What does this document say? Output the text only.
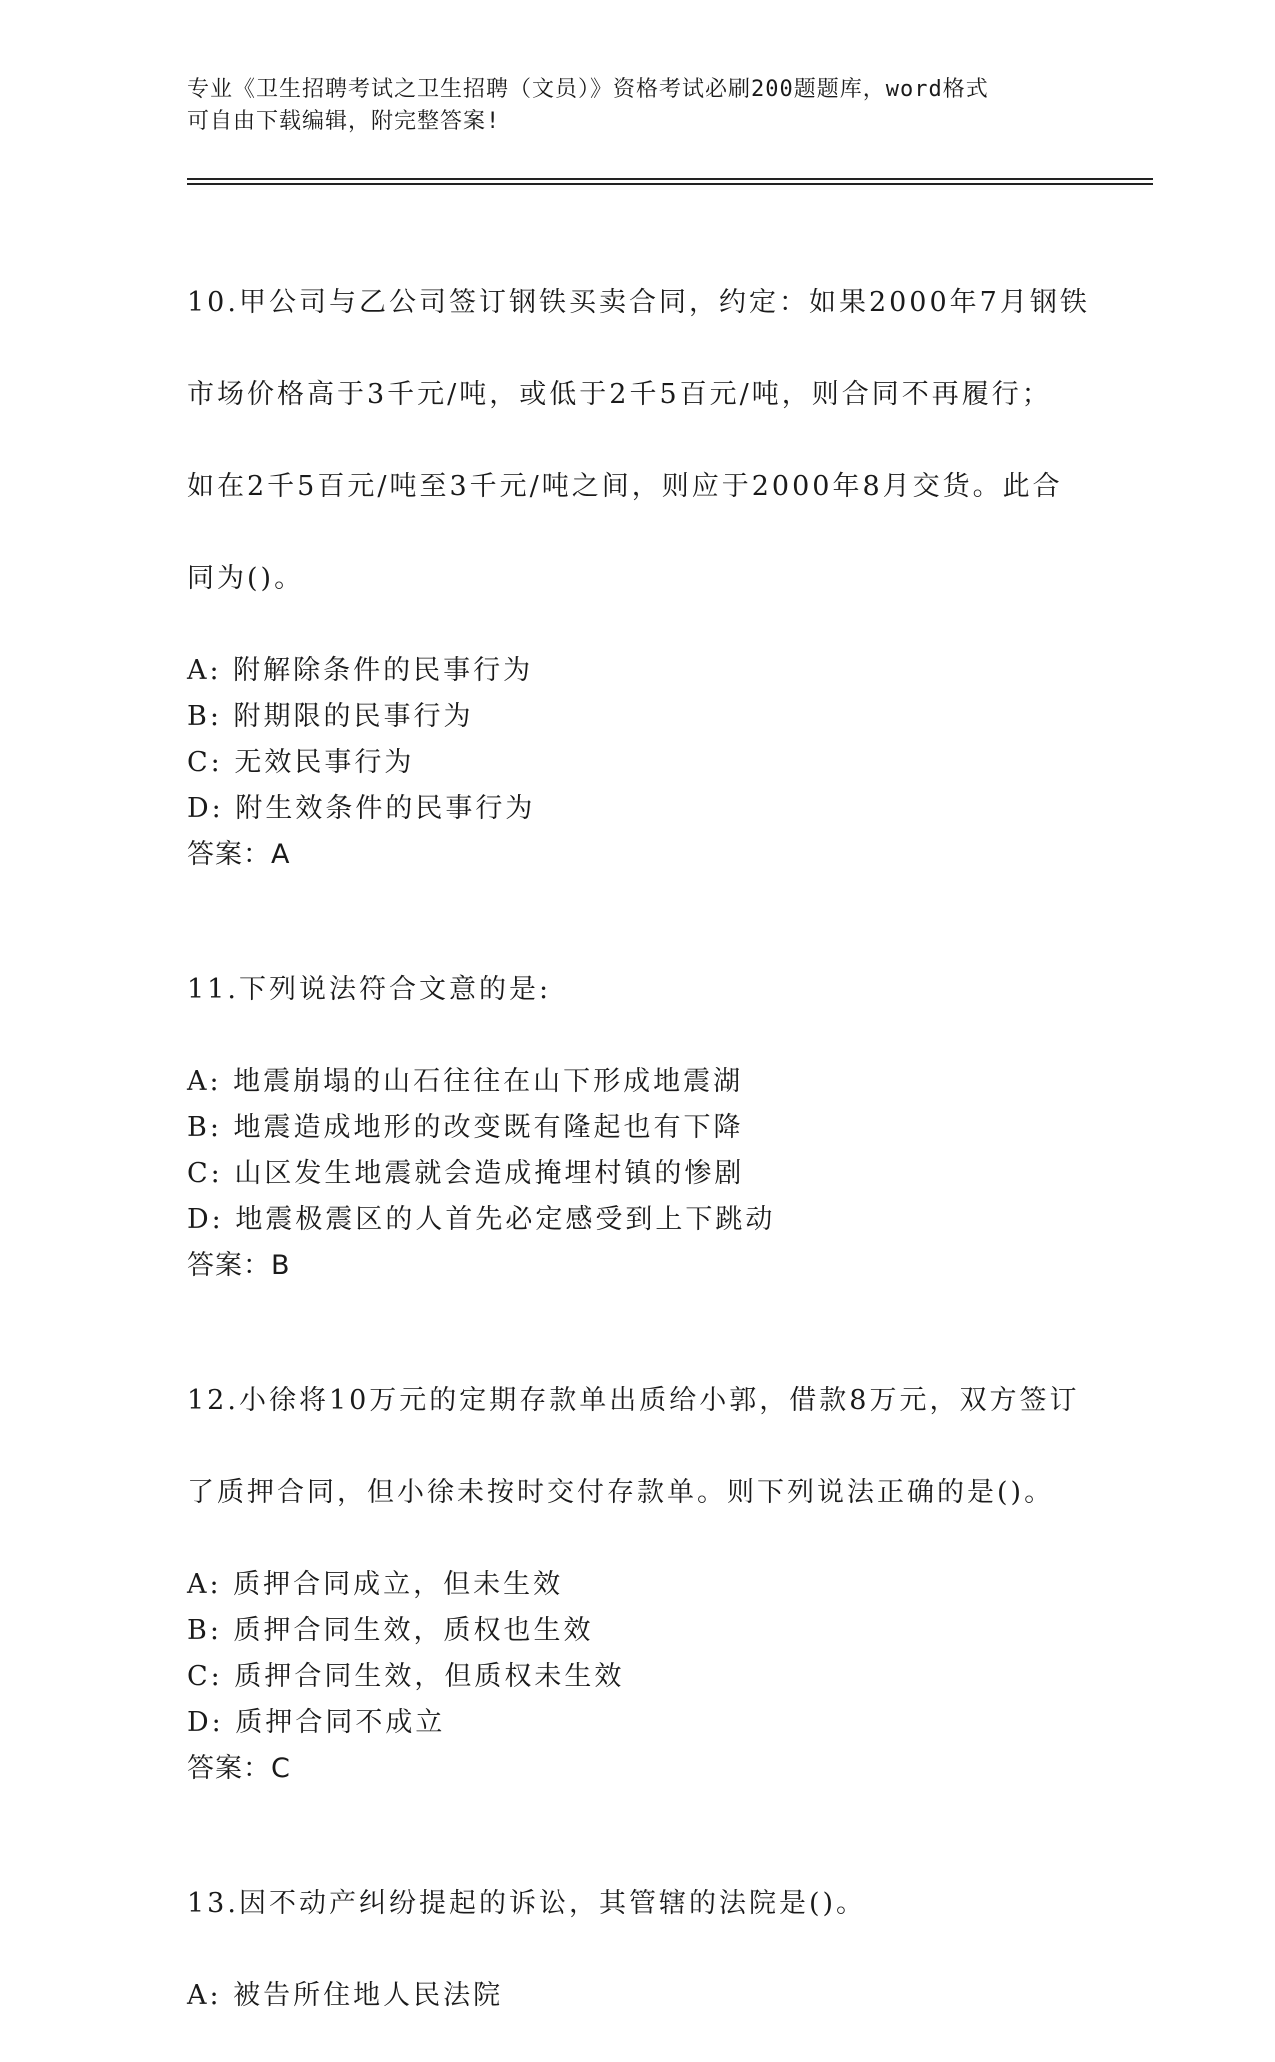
专业《卫生招聘考试之卫生招聘（文员）》资格考试必刷200题题库，word格式
可自由下载编辑，附完整答案!

10.甲公司与乙公司签订钢铁买卖合同，约定：如果2000年7月钢铁

市场价格高于3千元/吨，或低于2千5百元/吨，则合同不再履行；

如在2千5百元/吨至3千元/吨之间，则应于2000年8月交货。此合

同为()。

A: 附解除条件的民事行为
B: 附期限的民事行为
C: 无效民事行为
D: 附生效条件的民事行为
答案：A

11.下列说法符合文意的是:

A: 地震崩塌的山石往往在山下形成地震湖
B: 地震造成地形的改变既有隆起也有下降
C: 山区发生地震就会造成掩埋村镇的惨剧
D: 地震极震区的人首先必定感受到上下跳动
答案：B

12.小徐将10万元的定期存款单出质给小郭，借款8万元，双方签订

了质押合同，但小徐未按时交付存款单。则下列说法正确的是()。

A: 质押合同成立，但未生效
B: 质押合同生效，质权也生效
C: 质押合同生效，但质权未生效
D: 质押合同不成立
答案：C

13.因不动产纠纷提起的诉讼，其管辖的法院是()。

A: 被告所住地人民法院
